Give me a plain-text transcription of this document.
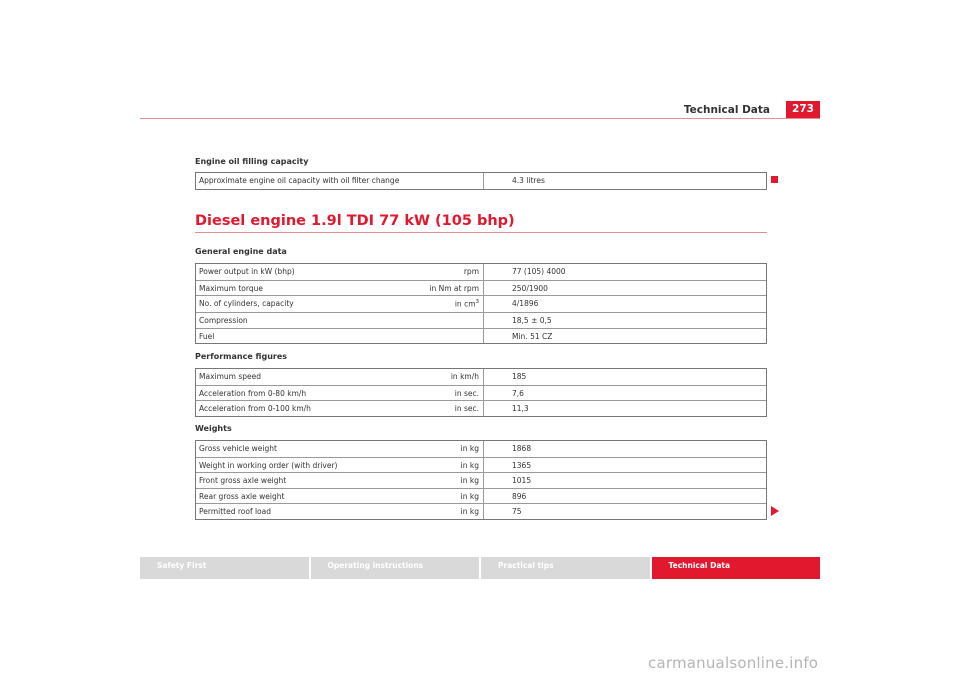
Technical Data	273
Engine oil filling capacity
Approximate engine oil capacity with oil filter change	4.3 litres
Diesel engine 1.9l TDI 77 kW (105 bhp)
General engine data
Power output in kW (bhp)	rpm	77 (105) 4000
Maximum torque	in Nm at rpm	250/1900
No. of cylinders, capacity	in $cm^3$	4/1896
Compression	18,5 ± 0,5
Fuel	Min. 51 CZ
Performance figures
Maximum speed	in km/h	185
Acceleration from 0-80 km/h	in sec.	7,6
Acceleration from 0-100 km/h	in sec.	11,3
Weights
Gross vehicle weight	in kg	1868
Weight in working order (with driver)	in kg	1365
Front gross axle weight	in kg	1015
Rear gross axle weight	in kg	896
Permitted roof load	in kg	75
Safety First	Operating instructions	Practical tips	Technical Data
carmanualsonline.info
